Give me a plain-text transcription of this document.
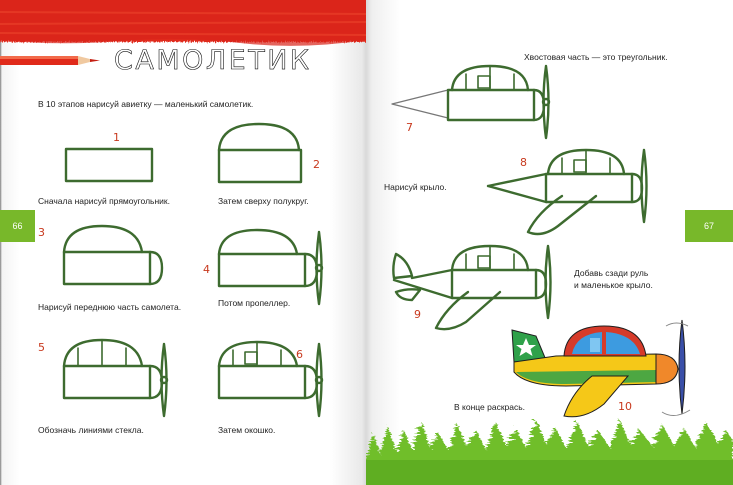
САМОЛЕТИК
В 10 этапов нарисуй авиетку — маленький самолетик.
66
1
Сначала нарисуй прямоугольник.
2
Затем сверху полукруг.
3
Нарисуй переднюю часть самолета.
4
Потом пропеллер.
5
Обозначь линиями стекла.
6
Затем окошко.
67
Хвостовая часть — это треугольник.
7
8
Нарисуй крыло.
9
Добавь сзади руль
и маленькое крыло.
В конце раскрась.	10
